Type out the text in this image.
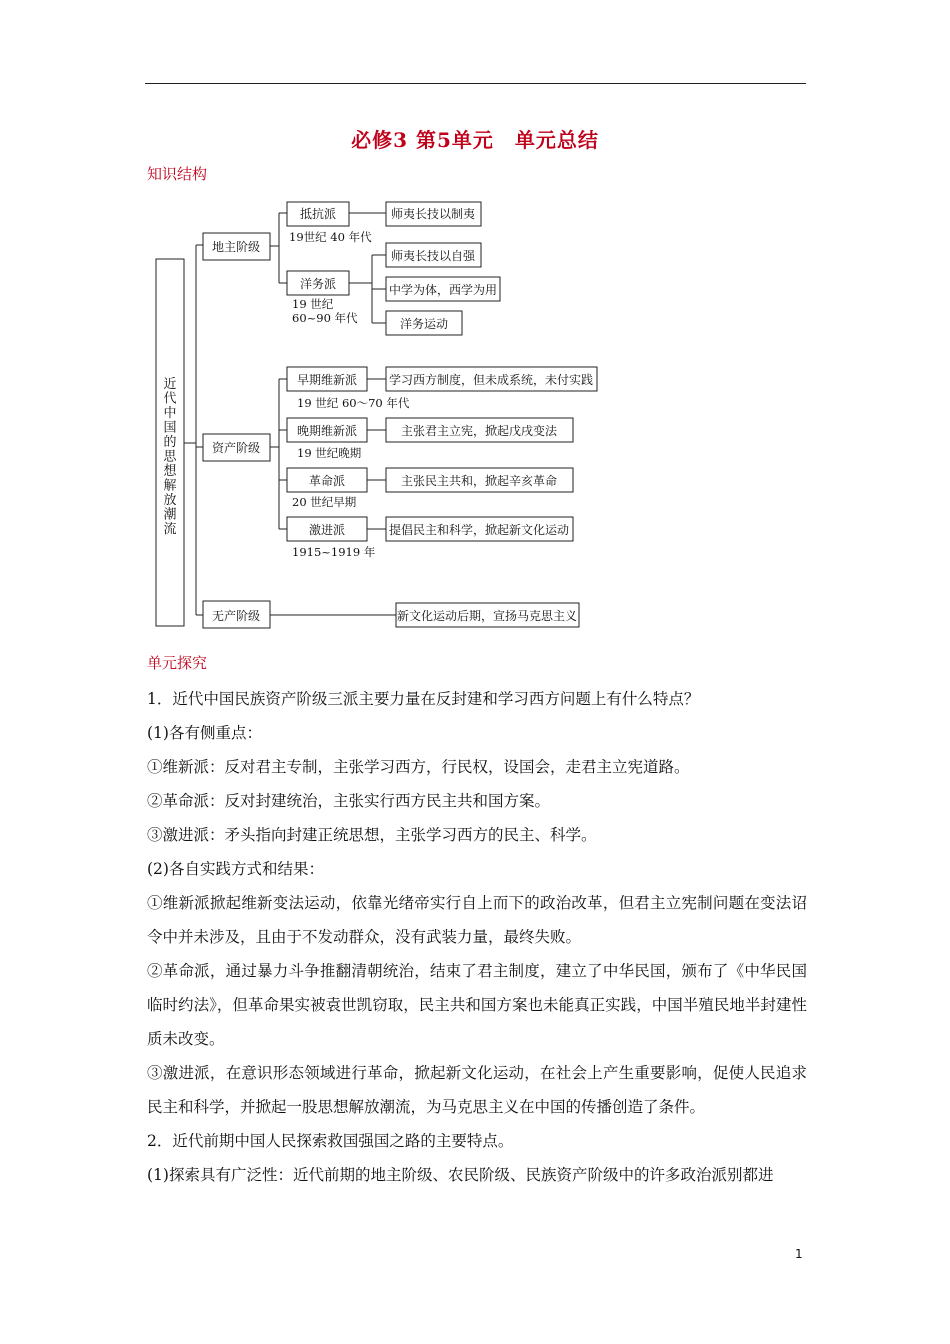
必修3 第5单元　单元总结
知识结构
近代中国的思想解放潮流
地主阶级
资产阶级
无产阶级
抵抗派
19世纪 40 年代
洋务派
19 世纪
60~90 年代
早期维新派
19 世纪 60～70 年代
晚期维新派
19 世纪晚期
革命派
20 世纪早期
激进派
1915~1919 年
师夷长技以制夷
师夷长技以自强
中学为体，西学为用
洋务运动
学习西方制度，但未成系统，未付实践
主张君主立宪，掀起戊戌变法
主张民主共和，掀起辛亥革命
提倡民主和科学，掀起新文化运动
新文化运动后期，宣扬马克思主义
单元探究
1．近代中国民族资产阶级三派主要力量在反封建和学习西方问题上有什么特点？
(1)各有侧重点：
①维新派：反对君主专制，主张学习西方，行民权，设国会，走君主立宪道路。
②革命派：反对封建统治，主张实行西方民主共和国方案。
③激进派：矛头指向封建正统思想，主张学习西方的民主、科学。
(2)各自实践方式和结果：
①维新派掀起维新变法运动，依靠光绪帝实行自上而下的政治改革，但君主立宪制问题在变法诏令中并未涉及，且由于不发动群众，没有武装力量，最终失败。
②革命派，通过暴力斗争推翻清朝统治，结束了君主制度，建立了中华民国，颁布了《中华民国临时约法》，但革命果实被袁世凯窃取，民主共和国方案也未能真正实践，中国半殖民地半封建性质未改变。
③激进派，在意识形态领域进行革命，掀起新文化运动，在社会上产生重要影响，促使人民追求民主和科学，并掀起一股思想解放潮流，为马克思主义在中国的传播创造了条件。
2．近代前期中国人民探索救国强国之路的主要特点。
(1)探索具有广泛性：近代前期的地主阶级、农民阶级、民族资产阶级中的许多政治派别都进
1
